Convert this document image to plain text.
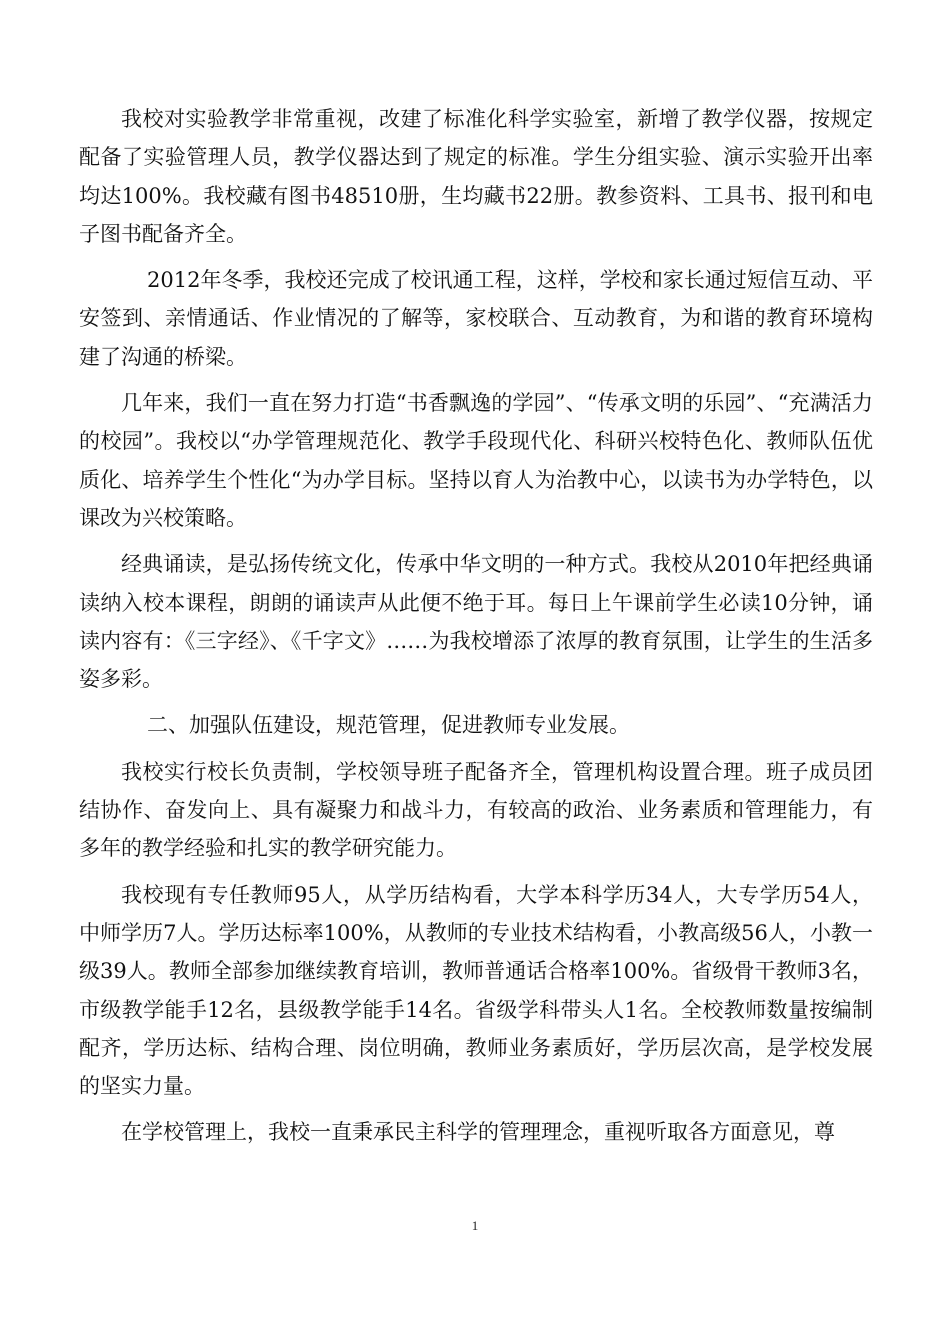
我校对实验教学非常重视，改建了标准化科学实验室，新增了教学仪器，按规定配备了实验管理人员，教学仪器达到了规定的标准。学生分组实验、演示实验开出率均达100%。我校藏有图书48510册，生均藏书22册。教参资料、工具书、报刊和电子图书配备齐全。

2012年冬季，我校还完成了校讯通工程，这样，学校和家长通过短信互动、平安签到、亲情通话、作业情况的了解等，家校联合、互动教育，为和谐的教育环境构建了沟通的桥梁。

几年来，我们一直在努力打造“书香飘逸的学园”、“传承文明的乐园”、“充满活力的校园”。我校以“办学管理规范化、教学手段现代化、科研兴校特色化、教师队伍优质化、培养学生个性化“为办学目标。坚持以育人为治教中心，以读书为办学特色，以课改为兴校策略。

经典诵读，是弘扬传统文化，传承中华文明的一种方式。我校从2010年把经典诵读纳入校本课程，朗朗的诵读声从此便不绝于耳。每日上午课前学生必读10分钟，诵读内容有：《三字经》、《千字文》……为我校增添了浓厚的教育氛围，让学生的生活多姿多彩。

二、加强队伍建设，规范管理，促进教师专业发展。

我校实行校长负责制，学校领导班子配备齐全，管理机构设置合理。班子成员团结协作、奋发向上、具有凝聚力和战斗力，有较高的政治、业务素质和管理能力，有多年的教学经验和扎实的教学研究能力。

我校现有专任教师95人，从学历结构看，大学本科学历34人，大专学历54人，中师学历7人。学历达标率100%，从教师的专业技术结构看，小教高级56人，小教一级39人。教师全部参加继续教育培训，教师普通话合格率100%。省级骨干教师3名，市级教学能手12名，县级教学能手14名。省级学科带头人1名。全校教师数量按编制配齐，学历达标、结构合理、岗位明确，教师业务素质好，学历层次高，是学校发展的坚实力量。

在学校管理上，我校一直秉承民主科学的管理理念，重视听取各方面意见，尊

1
